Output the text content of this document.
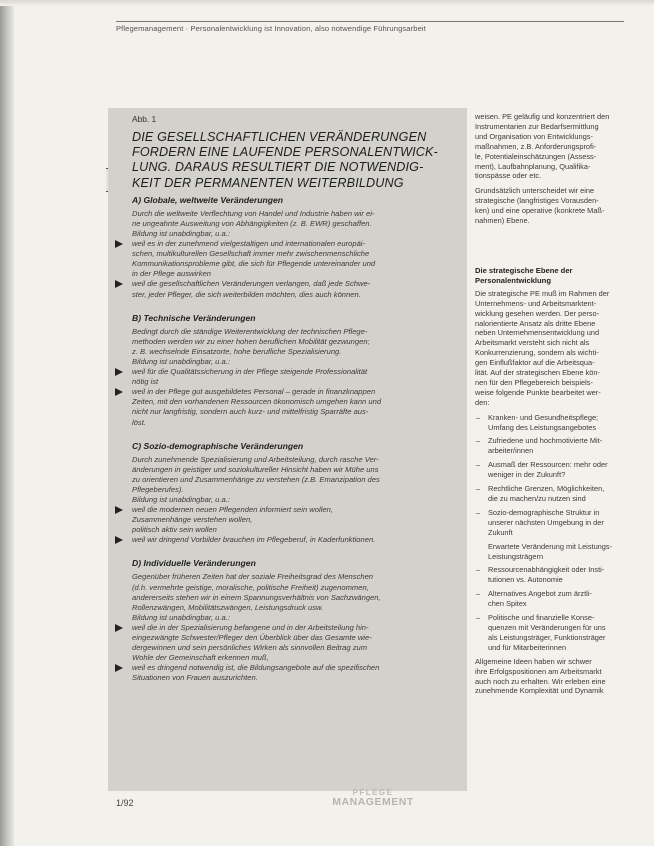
Pflegemanagement · Personalentwicklung ist Innovation, also notwendige Führungsarbeit
Abb. 1
DIE GESELLSCHAFTLICHEN VERÄNDERUNGEN
FORDERN EINE LAUFENDE PERSONALENTWICK-
LUNG. DARAUS RESULTIERT DIE NOTWENDIG-
KEIT DER PERMANENTEN WEITERBILDUNG
A) Globale, weltweite Veränderungen
Durch die weltweite Verflechtung von Handel und Industrie haben wir ei-
ne ungeahnte Ausweitung von Abhängigkeiten (z. B. EWR) geschaffen.
Bildung ist unabdingbar, u.a.:
weil es in der zunehmend vielgestaltigen und internationalen europäi-
schen, multikulturellen Gesellschaft immer mehr zwischenmenschliche
Kommunikationsprobleme gibt, die sich für Pflegende untereinander und
in der Pflege auswirken
weil die gesellschaftlichen Veränderungen verlangen, daß jede Schwe-
ster, jeder Pfleger, die sich weiterbilden möchten, dies auch können.
B) Technische Veränderungen
Bedingt durch die ständige Weiterentwicklung der technischen Pflege-
methoden werden wir zu einer hohen beruflichen Mobilität gezwungen;
z. B. wechselnde Einsatzorte, hohe berufliche Spezialisierung.
Bildung ist unabdingbar, u.a.:
weil für die Qualitätssicherung in der Pflege steigende Professionalität
nötig ist
weil in der Pflege gut ausgebildetes Personal – gerade in finanzknappen
Zeiten, mit den vorhandenen Ressourcen ökonomisch umgehen kann und
nicht nur langfristig, sondern auch kurz- und mittelfristig Sparräfte aus-
löst.
C) Sozio-demographische Veränderungen
Durch zunehmende Spezialisierung und Arbeitsteilung, durch rasche Ver-
änderungen in geistiger und soziokultureller Hinsicht haben wir Mühe uns
zu orientieren und Zusammenhänge zu verstehen (z.B. Emanzipation des
Pflegeberufes).
Bildung ist unabdingbar, u.a.:
weil die modernen neuen Pflegenden informiert sein wollen,
Zusammenhänge verstehen wollen,
politisch aktiv sein wollen
weil wir dringend Vorbilder brauchen im Pflegeberuf, in Kaderfunktionen.
D) Individuelle Veränderungen
Gegenüber früheren Zeiten hat der soziale Freiheitsgrad des Menschen
(d.h. vermehrte geistige, moralische, politische Freiheit) zugenommen,
andererseits stehen wir in einem Spannungsverhältnis von Sachzwängen,
Rollenzwängen, Mobilitätszwängen, Leistungsdruck usw.
Bildung ist unabdingbar, u.a.:
weil die in der Spezialisierung befangene und in der Arbeitsteilung hin-
eingezwängte Schwester/Pfleger den Überblick über das Gesamte wie-
dergewinnen und sein persönliches Wirken als sinnvollen Beitrag zum
Wohle der Gemeinschaft erkennen muß,
weil es dringend notwendig ist, die Bildungsangebote auf die spezifischen
Situationen von Frauen auszurichten.

weisen. PE geläufig und konzentriert den
Instrumentarien zur Bedarfsermittlung
und Organisation von Entwicklungs-
maßnahmen, z.B. Anforderungsprofi-
le, Potentialeinschätzungen (Assess-
ment), Laufbahnplanung, Qualifika-
tionspässe oder etc.

Grundsätzlich unterscheidet wir eine
strategische (langfristiges Vorausden-
ken) und eine operative (konkrete Maß-
nahmen) Ebene.

Die strategische Ebene der
Personalentwicklung

Die strategische PE muß im Rahmen der
Unternehmens- und Arbeitsmarktent-
wicklung gesehen werden. Der perso-
nalorientierte Ansatz als dritte Ebene
neben Unternehmensentwicklung und
Arbeitsmarkt versteht sich nicht als
Konkurrenzierung, sondern als wichti-
gen Einflußfaktor auf die Arbeitsqua-
lität. Auf der strategischen Ebene kön-
nen für den Pflegebereich beispiels-
weise folgende Punkte bearbeitet wer-
den:

– Kranken- und Gesundheitspflege;
Umfang des Leistungsangebotes
– Zufriedene und hochmotivierte Mit-
arbeiter/innen
– Ausmaß der Ressourcen: mehr oder
weniger in der Zukunft?
– Rechtliche Grenzen, Möglichkeiten,
die zu machen/zu nutzen sind
– Sozio-demographische Struktur in
unserer nächsten Umgebung in der
Zukunft
Erwartete Veränderung mit Leistungs-
Leistungsträgern
– Ressourcenabhängigkeit oder Insti-
tutionen vs. Autonomie
– Alternatives Angebot zum ärztli-
chen Spitex
– Politische und finanzielle Konse-
quenzen mit Veränderungen für uns
als Leistungsträger, Funktionsträger
und für Mitarbeiterinnen

Allgemeine Ideen haben wir schwer
ihre Erfolgspositionen am Arbeitsmarkt
auch noch zu erhalten. Wir erleben eine
zunehmende Komplexität und Dynamik

1/92
PFLEGE
MANAGEMENT
